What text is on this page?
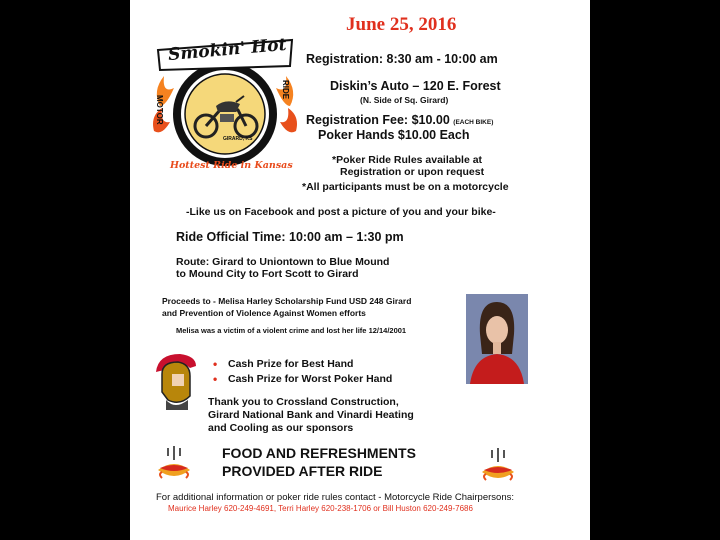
Smokin' Hot
MOTOR
RIDE
GIRARD, KS
Hottest Ride in Kansas
June 25, 2016
Registration: 8:30 am - 10:00 am
Diskin’s Auto – 120 E. Forest
(N. Side of Sq. Girard)
Registration Fee: $10.00 (EACH BIKE)
Poker Hands $10.00 Each
*Poker Ride Rules available at
Registration or upon request
*All participants must be on a motorcycle
-Like us on Facebook and post a picture of you and your bike-
Ride Official Time: 10:00 am – 1:30 pm
Route: Girard to Uniontown to Blue Mound
to Mound City to Fort Scott to Girard
Proceeds to - Melisa Harley Scholarship Fund USD 248 Girard
and Prevention of Violence Against Women efforts
Melisa was a victim of a violent crime and lost her life 12/14/2001
• Cash Prize for Best Hand
• Cash Prize for Worst Poker Hand
Thank you to Crossland Construction,
Girard National Bank and Vinardi Heating
and Cooling as our sponsors
FOOD AND REFRESHMENTS
PROVIDED AFTER RIDE
For additional information or poker ride rules contact - Motorcycle Ride Chairpersons:
Maurice Harley 620-249-4691, Terri Harley 620-238-1706 or Bill Huston 620-249-7686
